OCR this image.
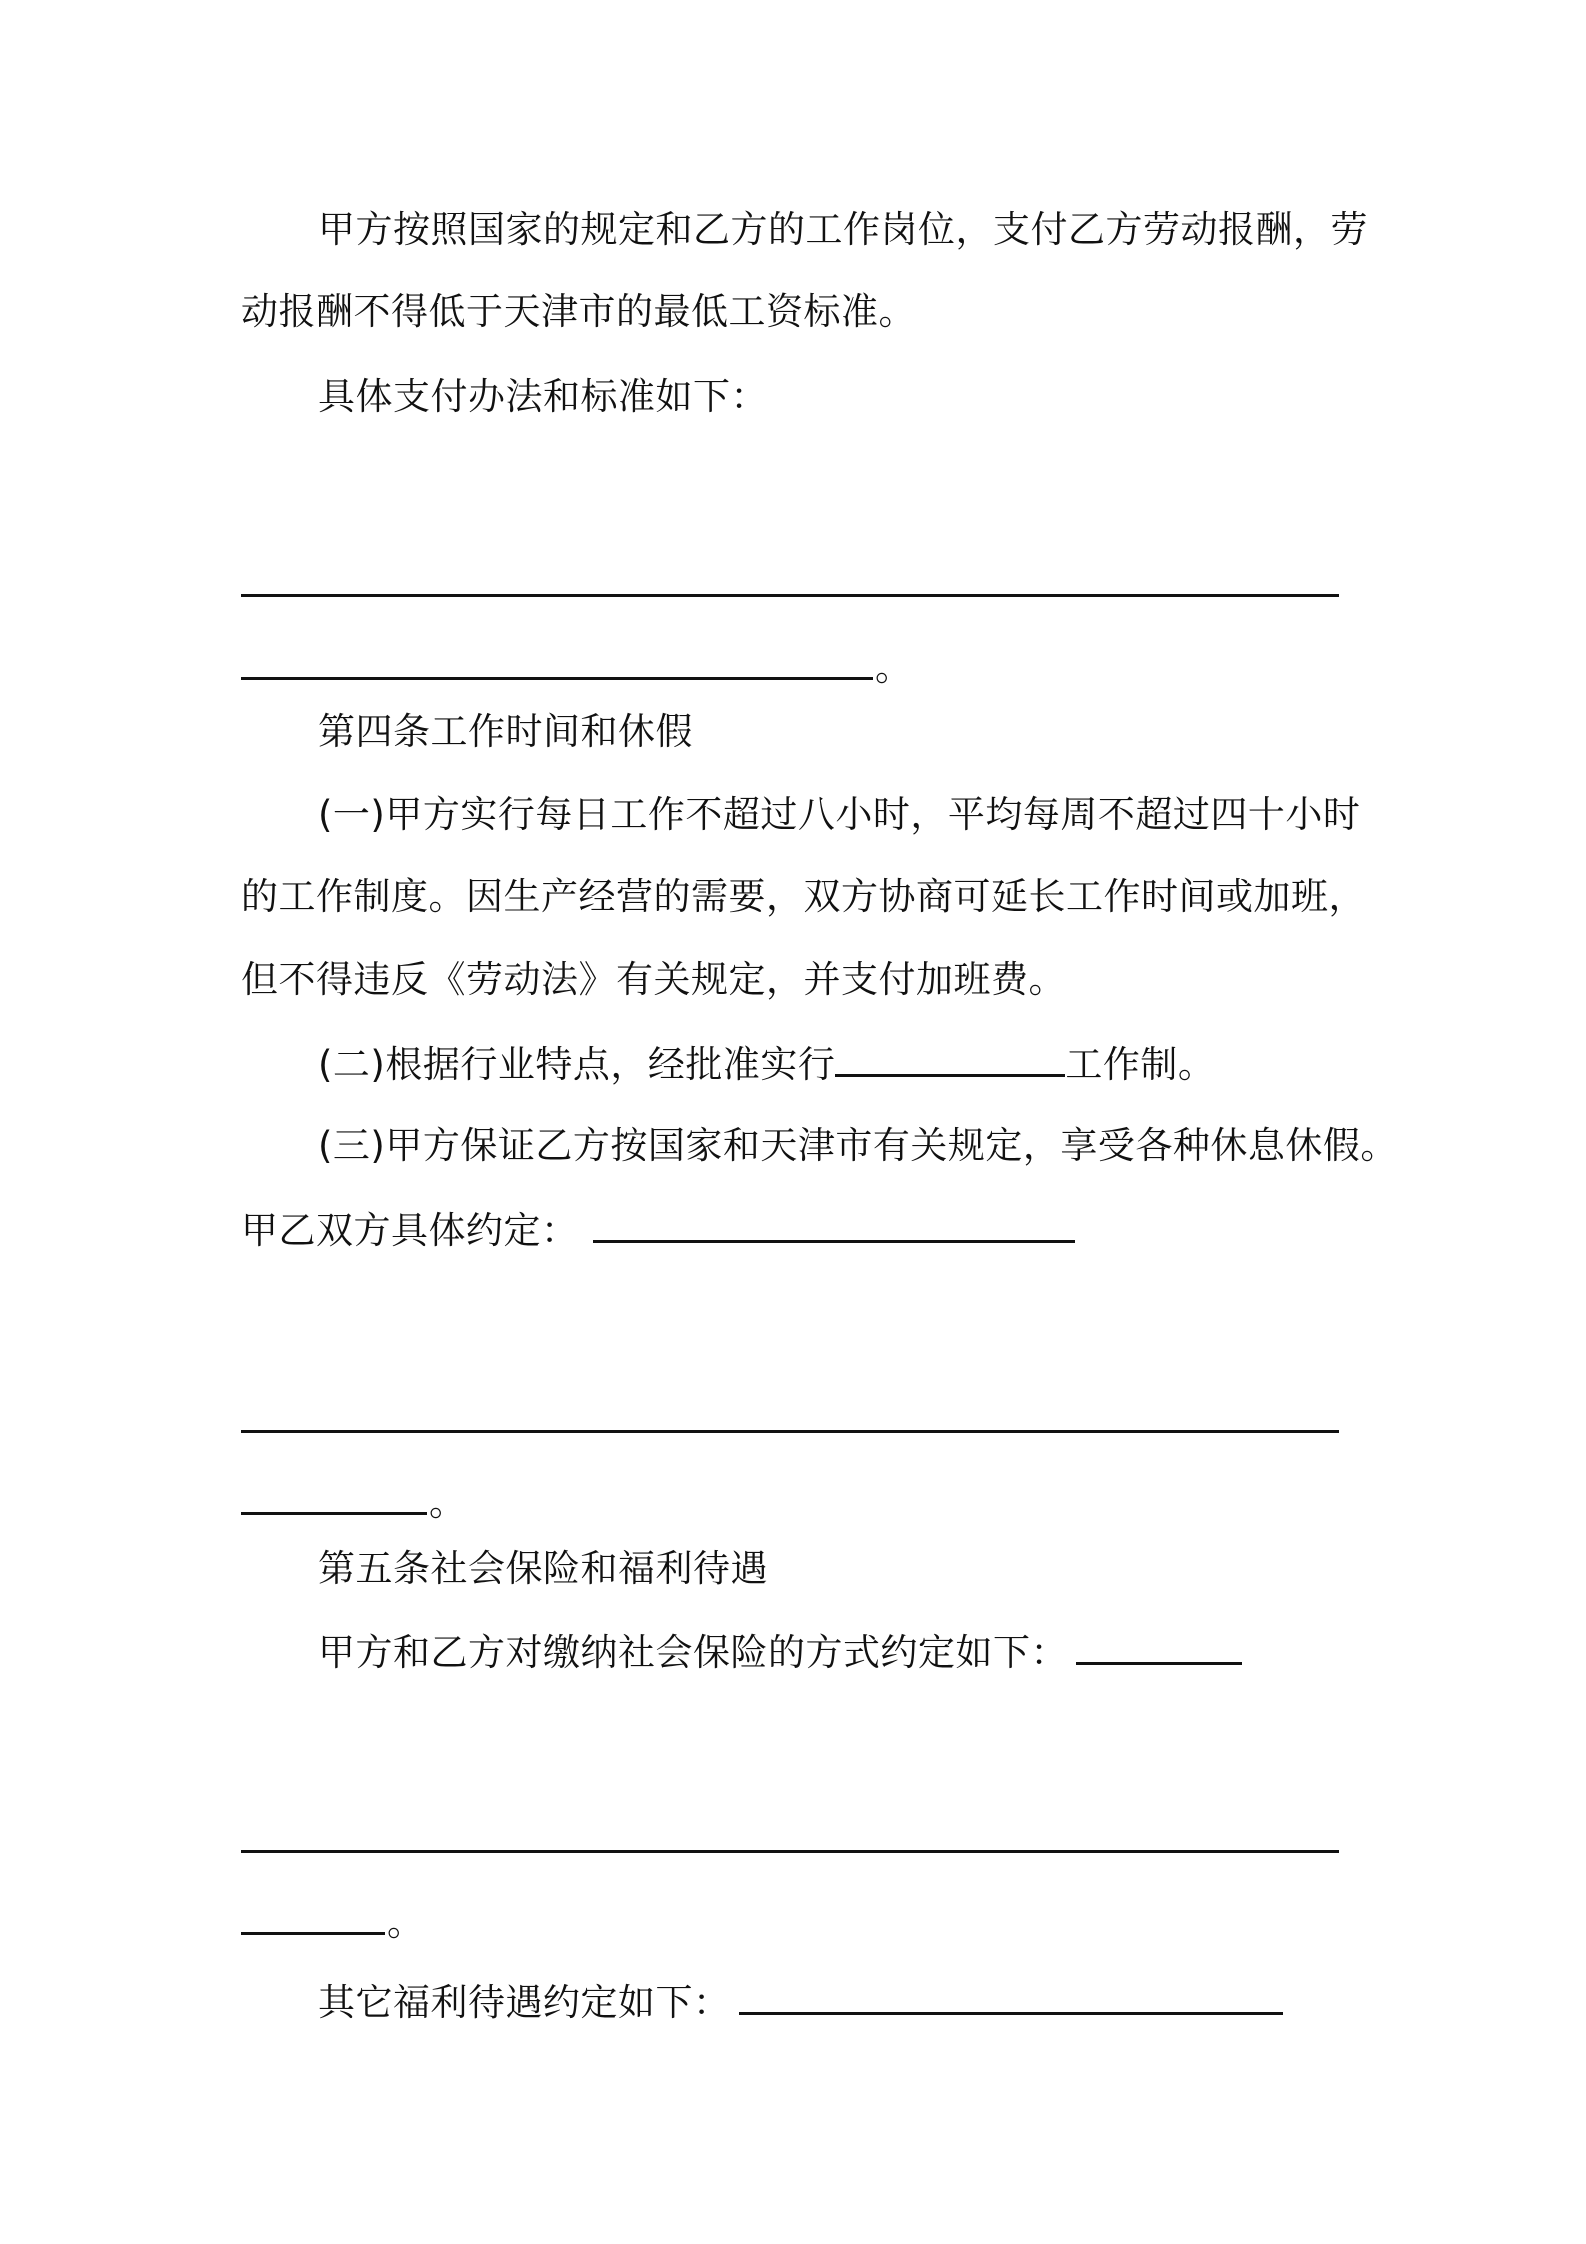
甲方按照国家的规定和乙方的工作岗位，支付乙方劳动报酬，劳
动报酬不得低于天津市的最低工资标准。
具体支付办法和标准如下：
。
第四条工作时间和休假
(一)甲方实行每日工作不超过八小时，平均每周不超过四十小时
的工作制度。因生产经营的需要，双方协商可延长工作时间或加班，
但不得违反《劳动法》有关规定，并支付加班费。
(二)根据行业特点，经批准实行	工作制。
(三)甲方保证乙方按国家和天津市有关规定，享受各种休息休假。
甲乙双方具体约定：
。
第五条社会保险和福利待遇
甲方和乙方对缴纳社会保险的方式约定如下：
。
其它福利待遇约定如下：
